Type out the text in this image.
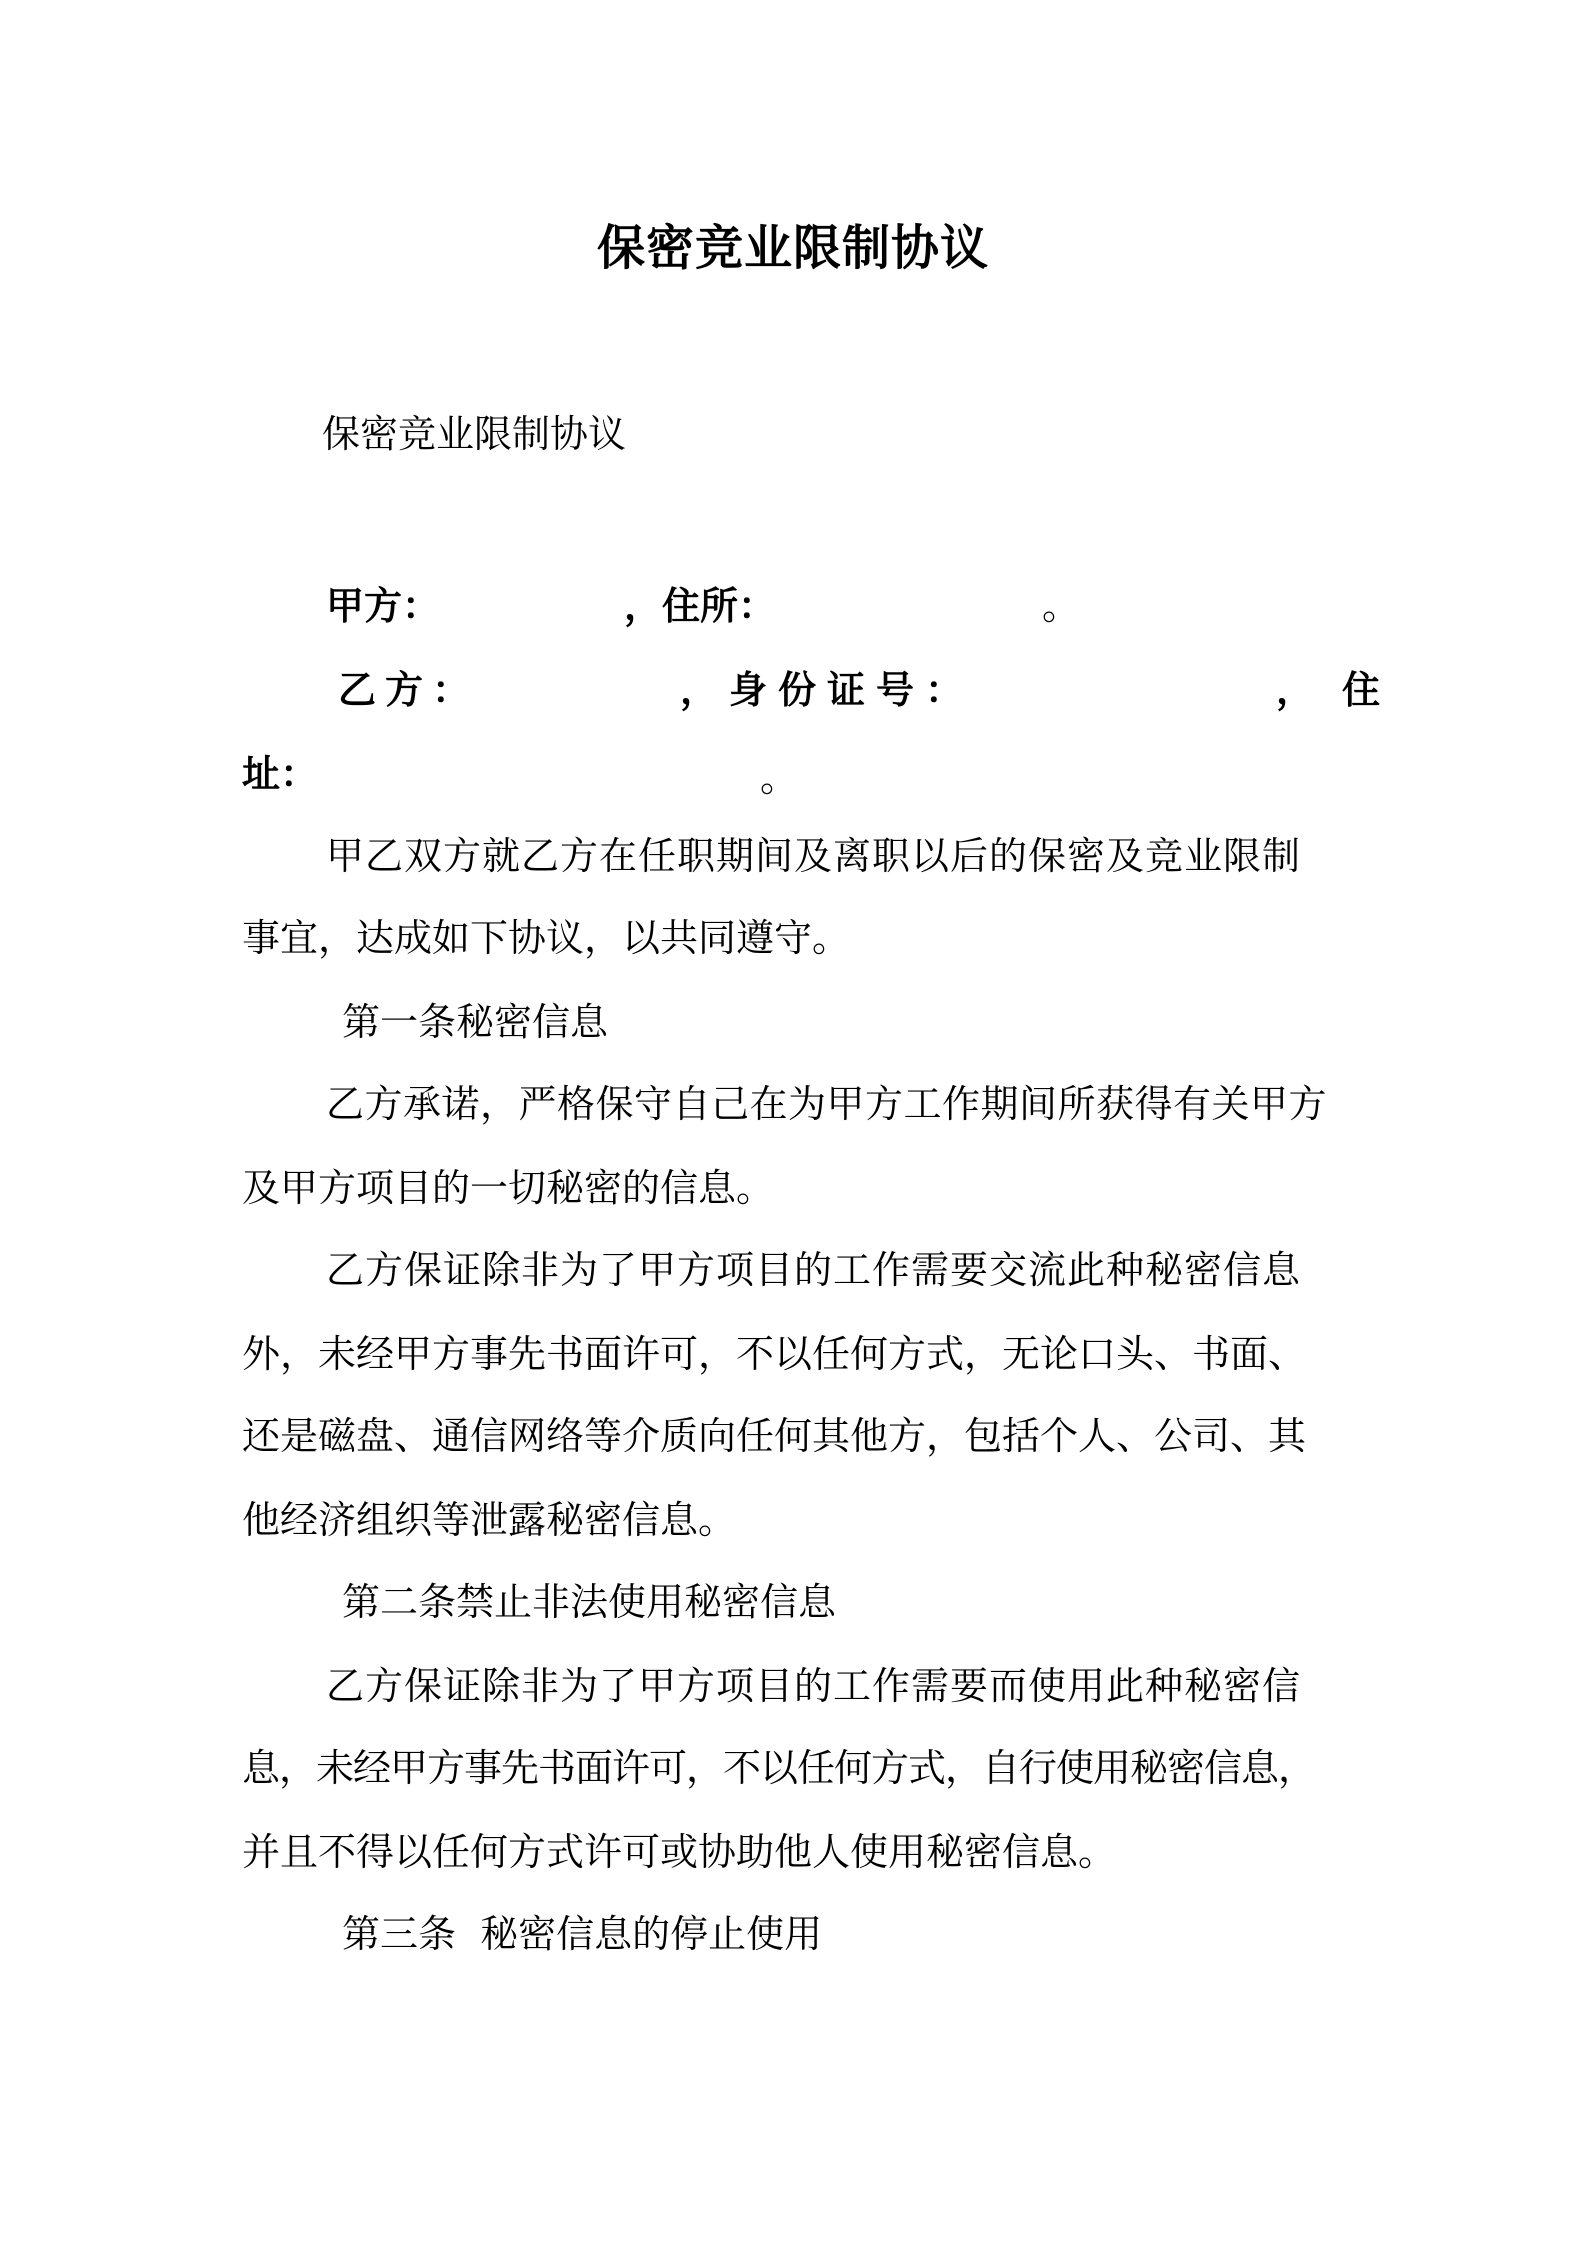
保密竞业限制协议
保密竞业限制协议
甲方：	，住所：	。
乙方：	，身份证号：	，住
址：	。
甲乙双方就乙方在任职期间及离职以后的保密及竞业限制
事宜，达成如下协议，以共同遵守。
第一条秘密信息
乙方承诺，严格保守自己在为甲方工作期间所获得有关甲方
及甲方项目的一切秘密的信息。
乙方保证除非为了甲方项目的工作需要交流此种秘密信息
外，未经甲方事先书面许可，不以任何方式，无论口头、书面、
还是磁盘、通信网络等介质向任何其他方，包括个人、公司、其
他经济组织等泄露秘密信息。
第二条禁止非法使用秘密信息
乙方保证除非为了甲方项目的工作需要而使用此种秘密信
息，未经甲方事先书面许可，不以任何方式，自行使用秘密信息，
并且不得以任何方式许可或协助他人使用秘密信息。
第三条  秘密信息的停止使用
